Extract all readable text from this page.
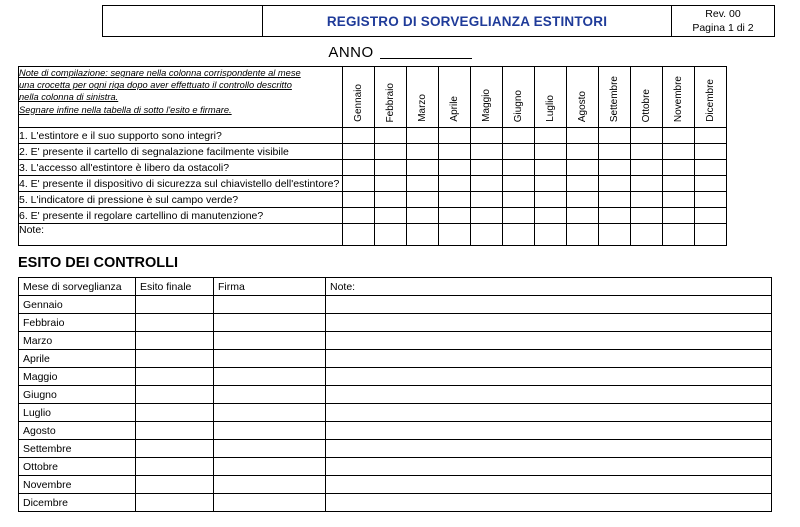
REGISTRO DI SORVEGLIANZA ESTINTORI	Rev. 00
Pagina 1 di 2
ANNO
Note di compilazione: segnare nella colonna corrispondente al mese
una crocetta per ogni riga dopo aver effettuato il controllo descritto
nella colonna di sinistra.
Segnare infine nella tabella di sotto l'esito e firmare.	Gennaio	Febbraio	Marzo	Aprile	Maggio	Giugno	Luglio	Agosto	Settembre	Ottobre	Novembre	Dicembre
1. L'estintore e il suo supporto sono integri?												
2. E' presente il cartello di segnalazione facilmente visibile												
3. L'accesso all'estintore è libero da ostacoli?												
4. E' presente il dispositivo di sicurezza sul chiavistello dell'estintore?												
5. L'indicatore di pressione è sul campo verde?												
6. E' presente il regolare cartellino di manutenzione?												
Note:												
ESITO DEI CONTROLLI
Mese di sorveglianza	Esito finale	Firma	Note:
Gennaio			
Febbraio			
Marzo			
Aprile			
Maggio			
Giugno			
Luglio			
Agosto			
Settembre			
Ottobre			
Novembre			
Dicembre			
